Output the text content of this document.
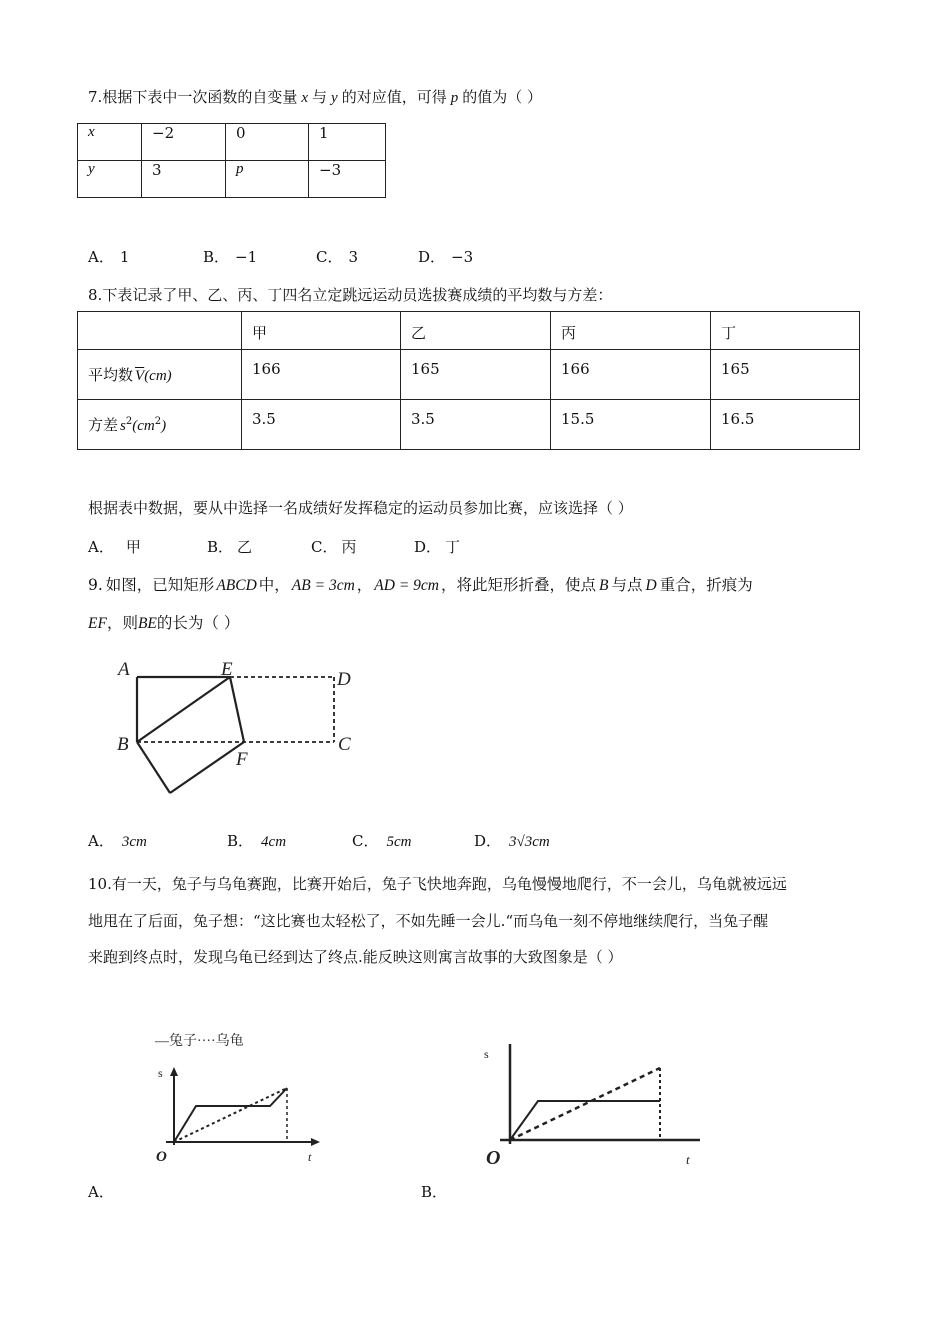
7.根据下表中一次函数的自变量 x 与 y 的对应值，可得 p 的值为（ ）
x	−2	0	1
y	3	p	−3
A． 1	B． −1	C． 3	D． −3
8.下表记录了甲、乙、丙、丁四名立定跳远运动员选拔赛成绩的平均数与方差：
	甲	乙	丙	丁
平均数 $\overline{V}(cm)$	166	165	166	165
方差 $s^2(cm^2)$	3.5	3.5	15.5	16.5
根据表中数据，要从中选择一名成绩好发挥稳定的运动员参加比赛，应该选择（ ）
A． 甲	B． 乙	C． 丙	D． 丁
9. 如图，已知矩形 ABCD 中， AB = 3cm ， AD = 9cm ，将此矩形折叠，使点 B 与点 D 重合，折痕为
EF，则BE的长为（ ）
A	E	D
B	C
F
A． 3cm	B． 4cm	C． 5cm	D． 3√3cm
10.有一天，兔子与乌龟赛跑，比赛开始后，兔子飞快地奔跑，乌龟慢慢地爬行，不一会儿，乌龟就被远远
地甩在了后面，兔子想：“这比赛也太轻松了，不如先睡一会儿.“而乌龟一刻不停地继续爬行，当兔子醒
来跑到终点时，发现乌龟已经到达了终点.能反映这则寓言故事的大致图象是（ ）
—兔子····乌龟
s
t
O
A．
s
t
O
B．
